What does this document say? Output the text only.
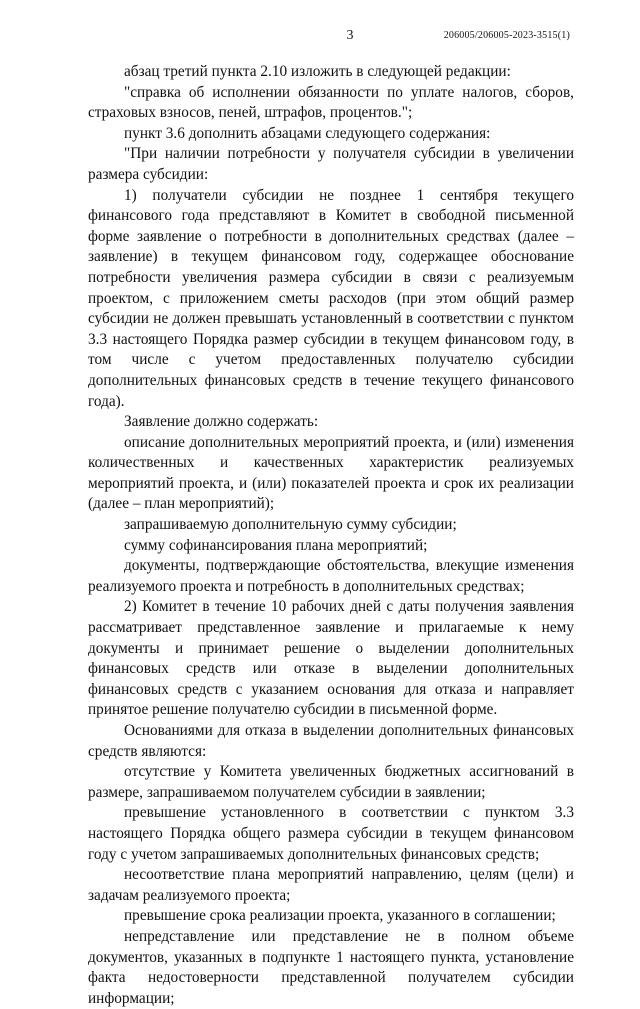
3	206005/206005-2023-3515(1)

абзац третий пункта 2.10 изложить в следующей редакции:

"справка об исполнении обязанности по уплате налогов, сборов, страховых взносов, пеней, штрафов, процентов.";

пункт 3.6 дополнить абзацами следующего содержания:

"При наличии потребности у получателя субсидии в увеличении размера субсидии:

1) получатели субсидии не позднее 1 сентября текущего финансового года представляют в Комитет в свободной письменной форме заявление о потребности в дополнительных средствах (далее – заявление) в текущем финансовом году, содержащее обоснование потребности увеличения размера субсидии в связи с реализуемым проектом, с приложением сметы расходов (при этом общий размер субсидии не должен превышать установленный в соответствии с пунктом 3.3 настоящего Порядка размер субсидии в текущем финансовом году, в том числе с учетом предоставленных получателю субсидии дополнительных финансовых средств в течение текущего финансового года).

Заявление должно содержать:

описание дополнительных мероприятий проекта, и (или) изменения количественных и качественных характеристик реализуемых мероприятий проекта, и (или) показателей проекта и срок их реализации (далее – план мероприятий);

запрашиваемую дополнительную сумму субсидии;

сумму софинансирования плана мероприятий;

документы, подтверждающие обстоятельства, влекущие изменения реализуемого проекта и потребность в дополнительных средствах;

2) Комитет в течение 10 рабочих дней с даты получения заявления рассматривает представленное заявление и прилагаемые к нему документы и принимает решение о выделении дополнительных финансовых средств или отказе в выделении дополнительных финансовых средств с указанием основания для отказа и направляет принятое решение получателю субсидии в письменной форме.

Основаниями для отказа в выделении дополнительных финансовых средств являются:

отсутствие у Комитета увеличенных бюджетных ассигнований в размере, запрашиваемом получателем субсидии в заявлении;

превышение установленного в соответствии с пунктом 3.3 настоящего Порядка общего размера субсидии в текущем финансовом году с учетом запрашиваемых дополнительных финансовых средств;

несоответствие плана мероприятий направлению, целям (цели) и задачам реализуемого проекта;

превышение срока реализации проекта, указанного в соглашении;

непредставление или представление не в полном объеме документов, указанных в подпункте 1 настоящего пункта, установление факта недостоверности представленной получателем субсидии информации;
